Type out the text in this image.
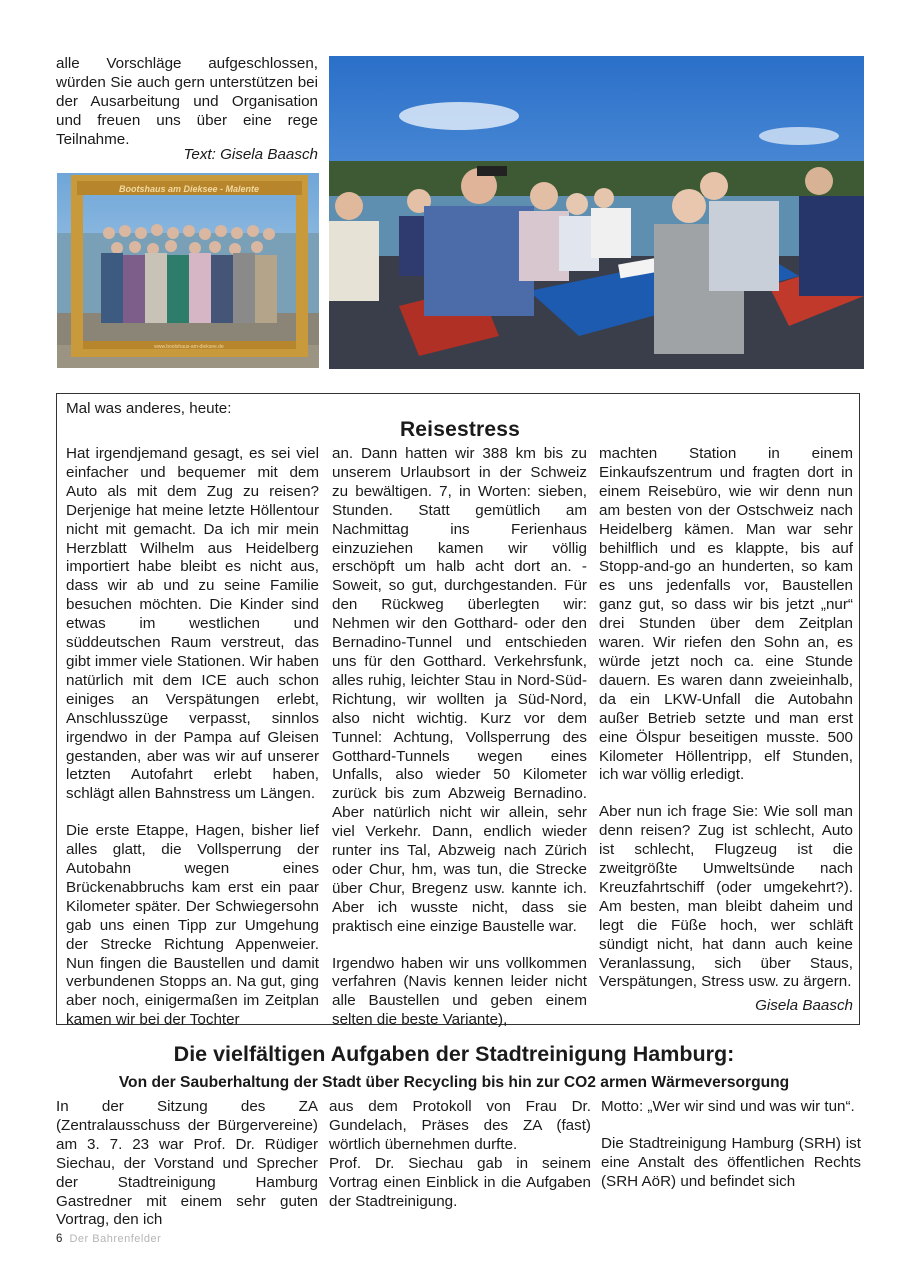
alle Vorschläge aufgeschlossen, würden Sie auch gern unterstützen bei der Ausarbeitung und Organisation und freuen uns über eine rege Teilnahme.
Text: Gisela Baasch
Bootshaus am Dieksee - Malente
www.bootshaus-am-dieksee.de
Mal was anderes, heute:
Reisestress

Hat irgendjemand gesagt, es sei viel einfacher und bequemer mit dem Auto als mit dem Zug zu reisen? Derjenige hat meine letzte Höllentour nicht mit gemacht. Da ich mir mein Herzblatt Wilhelm aus Heidelberg importiert habe bleibt es nicht aus, dass wir ab und zu seine Familie besuchen möchten. Die Kinder sind etwas im westlichen und süddeutschen Raum verstreut, das gibt immer viele Stationen. Wir haben natürlich mit dem ICE auch schon einiges an Verspätungen erlebt, Anschlusszüge verpasst, sinnlos irgendwo in der Pampa auf Gleisen gestanden, aber was wir auf unserer letzten Autofahrt erlebt haben, schlägt allen Bahnstress um Längen.

Die erste Etappe, Hagen, bisher lief alles glatt, die Vollsperrung der Autobahn wegen eines Brückenabbruchs kam erst ein paar Kilometer später. Der Schwiegersohn gab uns einen Tipp zur Umgehung der Strecke Richtung Appenweier. Nun fingen die Baustellen und damit verbundenen Stopps an. Na gut, ging aber noch, einigermaßen im Zeitplan kamen wir bei der Tochter

an. Dann hatten wir 388 km bis zu unserem Urlaubsort in der Schweiz zu bewältigen. 7, in Worten: sieben, Stunden. Statt gemütlich am Nachmittag ins Ferienhaus einzuziehen kamen wir völlig erschöpft um halb acht dort an. - Soweit, so gut, durchgestanden. Für den Rückweg überlegten wir: Nehmen wir den Gotthard- oder den Bernadino-Tunnel und entschieden uns für den Gotthard. Verkehrsfunk, alles ruhig, leichter Stau in Nord-Süd-Richtung, wir wollten ja Süd-Nord, also nicht wichtig. Kurz vor dem Tunnel: Achtung, Vollsperrung des Gotthard-Tunnels wegen eines Unfalls, also wieder 50 Kilometer zurück bis zum Abzweig Bernadino. Aber natürlich nicht wir allein, sehr viel Verkehr. Dann, endlich wieder runter ins Tal, Abzweig nach Zürich oder Chur, hm, was tun, die Strecke über Chur, Bregenz usw. kannte ich. Aber ich wusste nicht, dass sie praktisch eine einzige Baustelle war.

Irgendwo haben wir uns vollkommen verfahren (Navis kennen leider nicht alle Baustellen und geben einem selten die beste Variante),

machten Station in einem Einkaufszentrum und fragten dort in einem Reisebüro, wie wir denn nun am besten von der Ostschweiz nach Heidelberg kämen. Man war sehr behilflich und es klappte, bis auf Stopp-and-go an hunderten, so kam es uns jedenfalls vor, Baustellen ganz gut, so dass wir bis jetzt „nur“ drei Stunden über dem Zeitplan waren. Wir riefen den Sohn an, es würde jetzt noch ca. eine Stunde dauern. Es waren dann zweieinhalb, da ein LKW-Unfall die Autobahn außer Betrieb setzte und man erst eine Ölspur beseitigen musste. 500 Kilometer Höllentripp, elf Stunden, ich war völlig erledigt.

Aber nun ich frage Sie: Wie soll man denn reisen? Zug ist schlecht, Auto ist schlecht, Flugzeug ist die zweitgrößte Umweltsünde nach Kreuzfahrtschiff (oder umgekehrt?). Am besten, man bleibt daheim und legt die Füße hoch, wer schläft sündigt nicht, hat dann auch keine Veranlassung, sich über Staus, Verspätungen, Stress usw. zu ärgern.

Gisela Baasch
Die vielfältigen Aufgaben der Stadtreinigung Hamburg:
Von der Sauberhaltung der Stadt über Recycling bis hin zur CO2 armen Wärmeversorgung

In der Sitzung des ZA (Zentralausschuss der Bürgervereine) am 3. 7. 23 war Prof. Dr. Rüdiger Siechau, der Vorstand und Sprecher der Stadtreinigung Hamburg Gastredner mit einem sehr guten Vortrag, den ich

aus dem Protokoll von Frau Dr. Gundelach, Präses des ZA (fast) wörtlich übernehmen durfte.

Prof. Dr. Siechau gab in seinem Vortrag einen Einblick in die Aufgaben der Stadtreinigung.

Motto: „Wer wir sind und was wir tun“.

Die Stadtreinigung Hamburg (SRH) ist eine Anstalt des öffentlichen Rechts (SRH AöR) und befindet sich

6 Der Bahrenfelder
